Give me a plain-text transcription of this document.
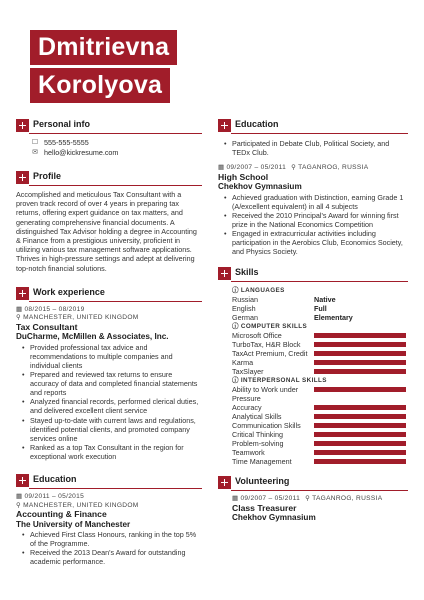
Dmitrievna
Korolyova
Personal info
☐ 555-555-5555
✉ hello@kickresume.com
Profile

Accomplished and meticulous Tax Consultant with a proven track record of over 4 years in preparing tax returns, offering expert guidance on tax matters, and generating comprehensive financial documents. A distinguished Tax Advisor holding a degree in Accounting & Finance from a prestigious university, proficient in utilizing various tax management software applications. Thrives in high-pressure settings and adept at delivering top-notch financial solutions.

Work experience
▦ 08/2015 – 08/2019
⚲ MANCHESTER, UNITED KINGDOM
Tax Consultant
DuCharme, McMillen & Associates, Inc.
• Provided professional tax advice and recommendations to multiple companies and individual clients
• Prepared and reviewed tax returns to ensure accuracy of data and completed financial statements and reports
• Analyzed financial records, performed clerical duties, and delivered excellent client service
• Stayed up-to-date with current laws and regulations, identified potential clients, and promoted company services online
• Ranked as a top Tax Consultant in the region for exceptional work execution
Education
▦ 09/2011 – 05/2015
⚲ MANCHESTER, UNITED KINGDOM
Accounting & Finance
The University of Manchester
• Achieved First Class Honours, ranking in the top 5% of the Programme.
• Received the 2013 Dean's Award for outstanding academic performance.
Education
• Participated in Debate Club, Political Society, and TEDx Club.
▦ 09/2007 – 05/2011 ⚲ TAGANROG, RUSSIA
High School
Chekhov Gymnasium
• Achieved graduation with Distinction, earning Grade 1 (A/excellent equivalent) in all 4 subjects
• Received the 2010 Principal's Award for winning first prize in the National Economics Competition
• Engaged in extracurricular activities including participation in the Aerobics Club, Economics Society, and Physics Society.
Skills
ⓘ LANGUAGES
Russian	Native
English	Full
German	Elementary
ⓘ COMPUTER SKILLS
Microsoft Office
TurboTax, H&R Block
TaxAct Premium, Credit
Karma
TaxSlayer
ⓘ INTERPERSONAL SKILLS
Ability to Work under Pressure
Accuracy
Analytical Skills
Communication Skills
Critical Thinking
Problem-solving
Teamwork
Time Management
Volunteering
▦ 09/2007 – 05/2011 ⚲ TAGANROG, RUSSIA
Class Treasurer
Chekhov Gymnasium
